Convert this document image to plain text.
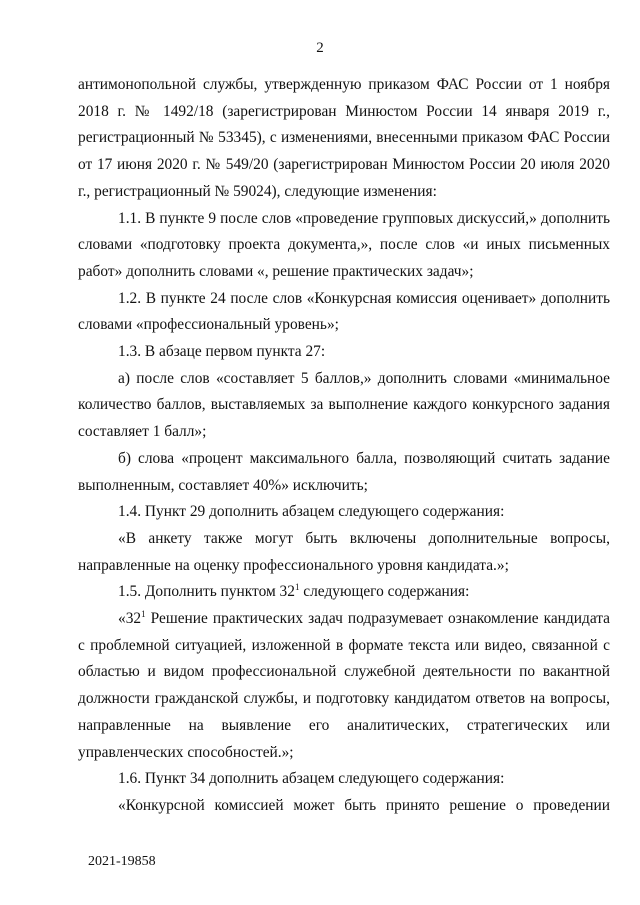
2

антимонопольной службы, утвержденную приказом ФАС России от 1 ноября 2018 г. № 1492/18 (зарегистрирован Минюстом России 14 января 2019 г., регистрационный № 53345), с изменениями, внесенными приказом ФАС России от 17 июня 2020 г. № 549/20 (зарегистрирован Минюстом России 20 июля 2020 г., регистрационный № 59024), следующие изменения:

1.1. В пункте 9 после слов «проведение групповых дискуссий,» дополнить словами «подготовку проекта документа,», после слов «и иных письменных работ» дополнить словами «, решение практических задач»;

1.2. В пункте 24 после слов «Конкурсная комиссия оценивает» дополнить словами «профессиональный уровень»;

1.3. В абзаце первом пункта 27:

а) после слов «составляет 5 баллов,» дополнить словами «минимальное количество баллов, выставляемых за выполнение каждого конкурсного задания составляет 1 балл»;

б) слова «процент максимального балла, позволяющий считать задание выполненным, составляет 40%» исключить;

1.4. Пункт 29 дополнить абзацем следующего содержания:

«В анкету также могут быть включены дополнительные вопросы, направленные на оценку профессионального уровня кандидата.»;

1.5. Дополнить пунктом $32^1$ следующего содержания:

«$32^1$ Решение практических задач подразумевает ознакомление кандидата с проблемной ситуацией, изложенной в формате текста или видео, связанной с областью и видом профессиональной служебной деятельности по вакантной должности гражданской службы, и подготовку кандидатом ответов на вопросы, направленные на выявление его аналитических, стратегических или управленческих способностей.»;

1.6. Пункт 34 дополнить абзацем следующего содержания:

«Конкурсной комиссией может быть принято решение о проведении

2021-19858
